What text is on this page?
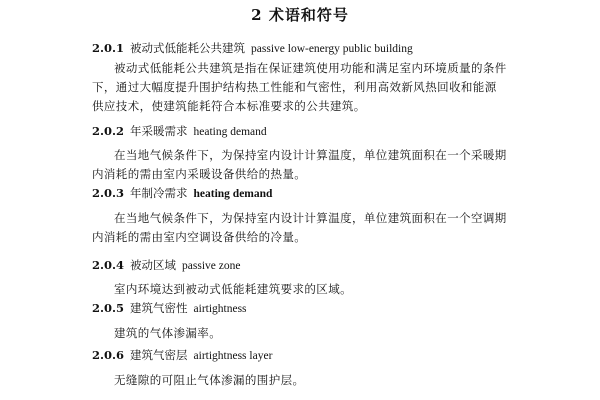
2 术语和符号
2.0.1 被动式低能耗公共建筑 passive low-energy public building
被动式低能耗公共建筑是指在保证建筑使用功能和满足室内环境质量的条件
下，通过大幅度提升围护结构热工性能和气密性，利用高效新风热回收和能源
供应技术，使建筑能耗符合本标准要求的公共建筑。
2.0.2 年采暖需求 heating demand
在当地气候条件下，为保持室内设计计算温度，单位建筑面积在一个采暖期
内消耗的需由室内采暖设备供给的热量。
2.0.3 年制冷需求 heating demand
在当地气候条件下，为保持室内设计计算温度，单位建筑面积在一个空调期
内消耗的需由室内空调设备供给的冷量。
2.0.4 被动区域 passive zone
室内环境达到被动式低能耗建筑要求的区域。
2.0.5 建筑气密性 airtightness
建筑的气体渗漏率。
2.0.6 建筑气密层 airtightness layer
无缝隙的可阻止气体渗漏的围护层。
